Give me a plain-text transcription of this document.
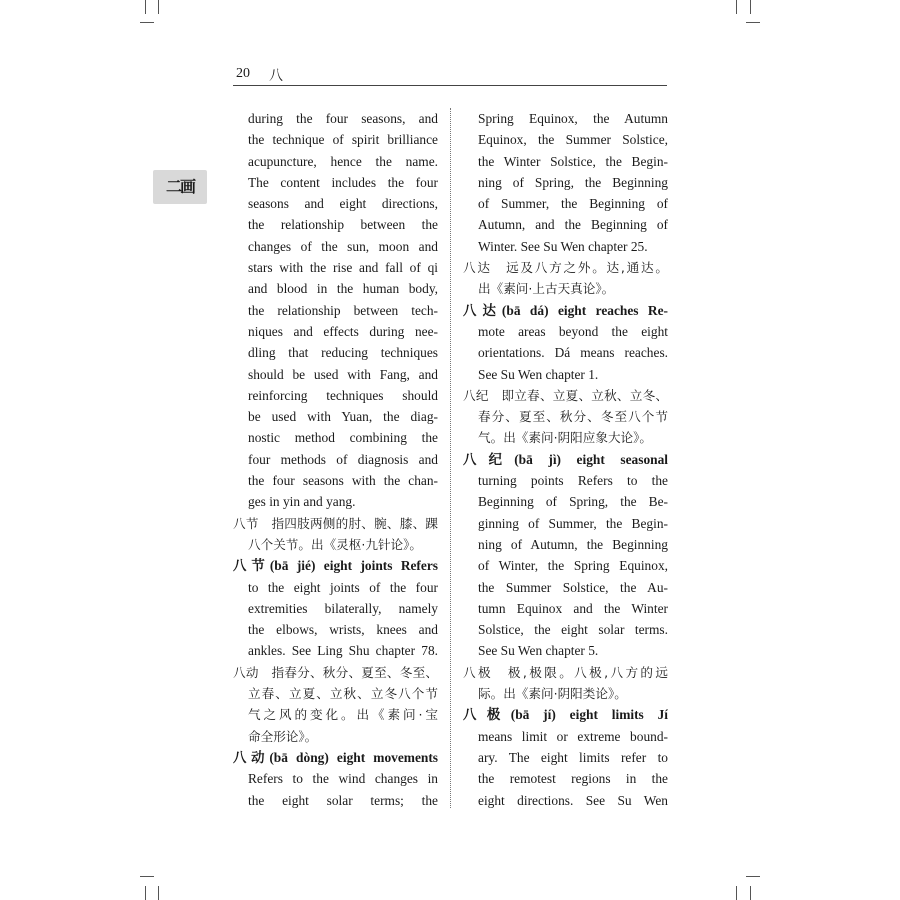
20 八
二画
during the four seasons, and
the technique of spirit brilliance
acupuncture, hence the name.
The content includes the four
seasons and eight directions,
the relationship between the
changes of the sun, moon and
stars with the rise and fall of qi
and blood in the human body,
the relationship between tech-
niques and effects during nee-
dling that reducing techniques
should be used with Fang, and
reinforcing techniques should
be used with Yuan, the diag-
nostic method combining the
four methods of diagnosis and
the four seasons with the chan-
ges in yin and yang.
八节　指四肢两侧的肘、腕、膝、踝
八个关节。出《灵枢·九针论》。
八节(bā jié) eight joints Refers
to the eight joints of the four
extremities bilaterally, namely
the elbows, wrists, knees and
ankles. See Ling Shu chapter 78.
八动　指春分、秋分、夏至、冬至、
立春、立夏、立秋、立冬八个节
气之风的变化。出《素问·宝
命全形论》。
八动(bā dòng) eight movements
Refers to the wind changes in
the eight solar terms; the
Spring Equinox, the Autumn
Equinox, the Summer Solstice,
the Winter Solstice, the Begin-
ning of Spring, the Beginning
of Summer, the Beginning of
Autumn, and the Beginning of
Winter. See Su Wen chapter 25.
八达　远及八方之外。达,通达。
出《素问·上古天真论》。
八达(bā dá) eight reaches Re-
mote areas beyond the eight
orientations. Dá means reaches.
See Su Wen chapter 1.
八纪　即立春、立夏、立秋、立冬、
春分、夏至、秋分、冬至八个节
气。出《素问·阴阳应象大论》。
八纪(bā jì) eight seasonal
turning points Refers to the
Beginning of Spring, the Be-
ginning of Summer, the Begin-
ning of Autumn, the Beginning
of Winter, the Spring Equinox,
the Summer Solstice, the Au-
tumn Equinox and the Winter
Solstice, the eight solar terms.
See Su Wen chapter 5.
八极　极,极限。八极,八方的远
际。出《素问·阴阳类论》。
八极(bā jí) eight limits Jí
means limit or extreme bound-
ary. The eight limits refer to
the remotest regions in the
eight directions. See Su Wen
